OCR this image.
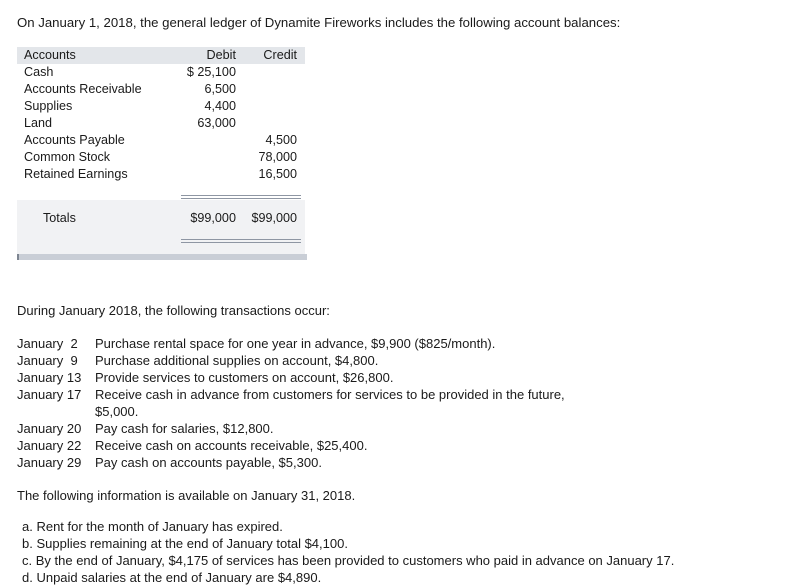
On January 1, 2018, the general ledger of Dynamite Fireworks includes the following account balances:
Accounts	Debit	Credit
Cash	$ 25,100	
Accounts Receivable	6,500	
Supplies	4,400	
Land	63,000	
Accounts Payable		4,500
Common Stock		78,000
Retained Earnings		16,500

Totals	$99,000	$99,000

During January 2018, the following transactions occur:
January  2	Purchase rental space for one year in advance, $9,900 ($825/month).
January  9	Purchase additional supplies on account, $4,800.
January 13	Provide services to customers on account, $26,800.
January 17	Receive cash in advance from customers for services to be provided in the future, $5,000.
January 20	Pay cash for salaries, $12,800.
January 22	Receive cash on accounts receivable, $25,400.
January 29	Pay cash on accounts payable, $5,300.
The following information is available on January 31, 2018.
a. Rent for the month of January has expired.
b. Supplies remaining at the end of January total $4,100.
c. By the end of January, $4,175 of services has been provided to customers who paid in advance on January 17.
d. Unpaid salaries at the end of January are $4,890.
